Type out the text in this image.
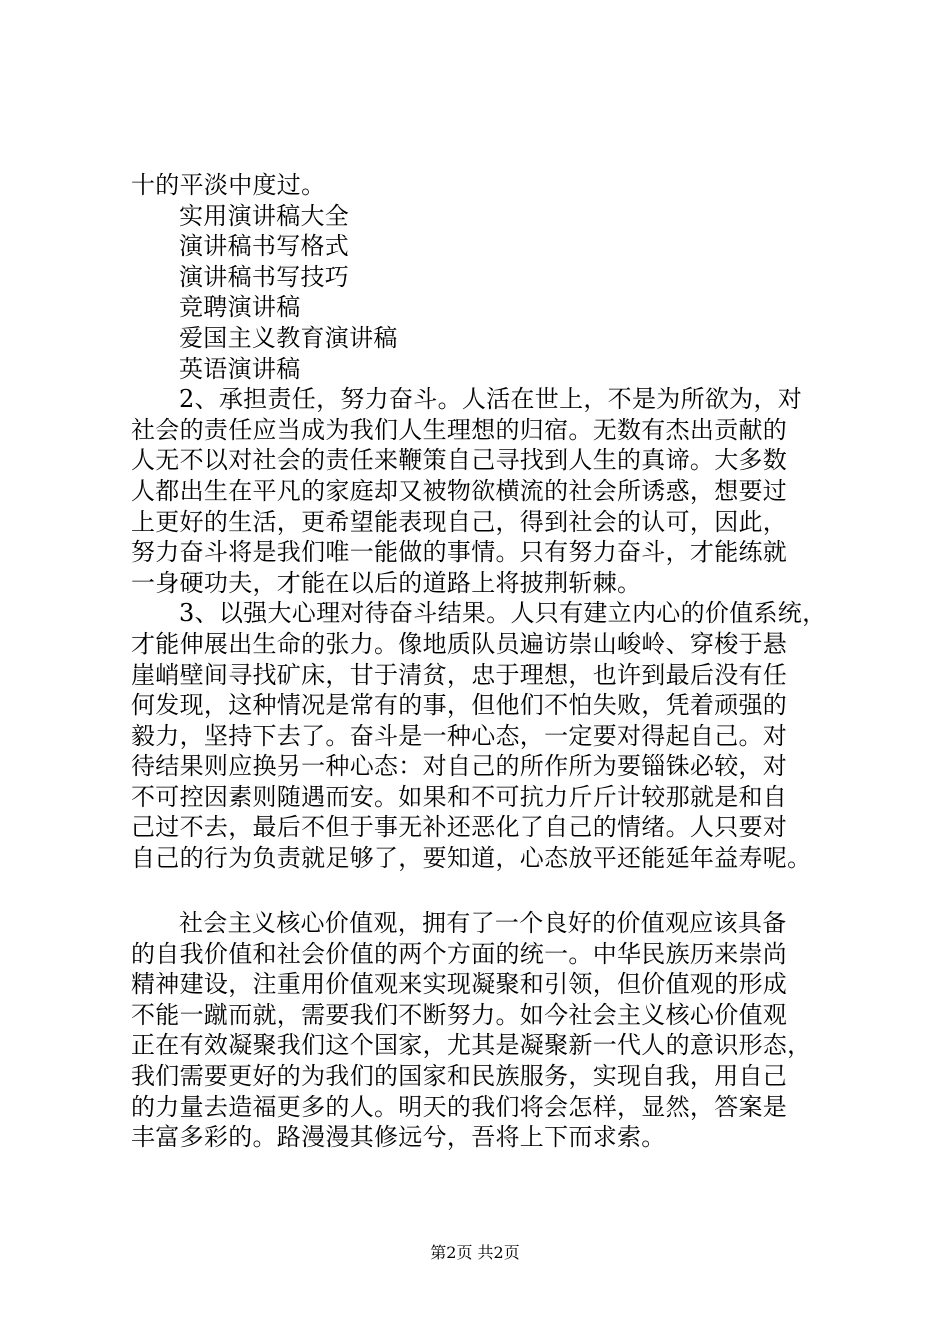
十的平淡中度过。
实用演讲稿大全
演讲稿书写格式
演讲稿书写技巧
竞聘演讲稿
爱国主义教育演讲稿
英语演讲稿
2、承担责任，努力奋斗。人活在世上，不是为所欲为，对
社会的责任应当成为我们人生理想的归宿。无数有杰出贡献的
人无不以对社会的责任来鞭策自己寻找到人生的真谛。大多数
人都出生在平凡的家庭却又被物欲横流的社会所诱惑，想要过
上更好的生活，更希望能表现自己，得到社会的认可，因此，
努力奋斗将是我们唯一能做的事情。只有努力奋斗，才能练就
一身硬功夫，才能在以后的道路上将披荆斩棘。
3、以强大心理对待奋斗结果。人只有建立内心的价值系统，
才能伸展出生命的张力。像地质队员遍访崇山峻岭、穿梭于悬
崖峭壁间寻找矿床，甘于清贫，忠于理想，也许到最后没有任
何发现，这种情况是常有的事，但他们不怕失败，凭着顽强的
毅力，坚持下去了。奋斗是一种心态，一定要对得起自己。对
待结果则应换另一种心态：对自己的所作所为要锱铢必较，对
不可控因素则随遇而安。如果和不可抗力斤斤计较那就是和自
己过不去，最后不但于事无补还恶化了自己的情绪。人只要对
自己的行为负责就足够了，要知道，心态放平还能延年益寿呢。
社会主义核心价值观，拥有了一个良好的价值观应该具备
的自我价值和社会价值的两个方面的统一。中华民族历来崇尚
精神建设，注重用价值观来实现凝聚和引领，但价值观的形成
不能一蹴而就，需要我们不断努力。如今社会主义核心价值观
正在有效凝聚我们这个国家，尤其是凝聚新一代人的意识形态，
我们需要更好的为我们的国家和民族服务，实现自我，用自己
的力量去造福更多的人。明天的我们将会怎样，显然，答案是
丰富多彩的。路漫漫其修远兮，吾将上下而求索。
第2页 共2页
